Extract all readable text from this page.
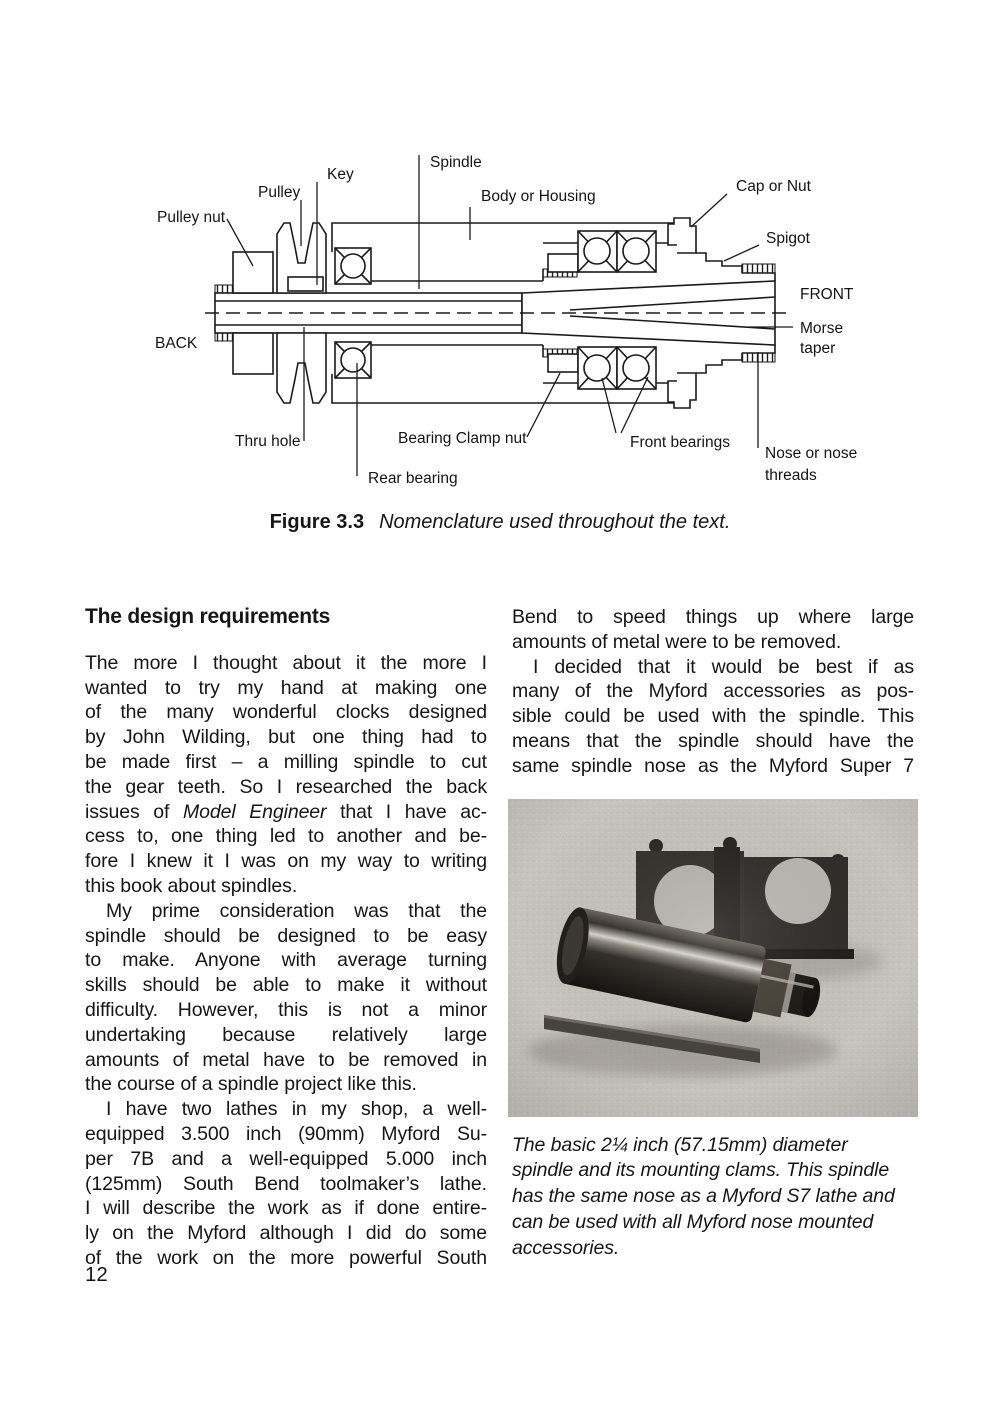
Pulley nut
Pulley
Key
Spindle
Body or Housing
Cap or Nut
Spigot
FRONT
Morse
taper
BACK
Thru hole
Rear bearing
Bearing Clamp nut	Front bearings
Nose or nose
threads
Figure 3.3 Nomenclature used throughout the text.
The design requirements
The more I thought about it the more I
wanted to try my hand at making one
of the many wonderful clocks designed
by John Wilding, but one thing had to
be made first – a milling spindle to cut
the gear teeth. So I researched the back
issues of Model Engineer that I have ac-
cess to, one thing led to another and be-
fore I knew it I was on my way to writing
this book about spindles.
My prime consideration was that the
spindle should be designed to be easy
to make. Anyone with average turning
skills should be able to make it without
difficulty. However, this is not a minor
undertaking because relatively large
amounts of metal have to be removed in
the course of a spindle project like this.
I have two lathes in my shop, a well-
equipped 3.500 inch (90mm) Myford Su-
per 7B and a well-equipped 5.000 inch
(125mm) South Bend toolmaker’s lathe.
I will describe the work as if done entire-
ly on the Myford although I did do some
of the work on the more powerful South
Bend to speed things up where large
amounts of metal were to be removed.
I decided that it would be best if as
many of the Myford accessories as pos-
sible could be used with the spindle. This
means that the spindle should have the
same spindle nose as the Myford Super 7
The basic 2¼ inch (57.15mm) diameter
spindle and its mounting clams. This spindle
has the same nose as a Myford S7 lathe and
can be used with all Myford nose mounted
accessories.
12
